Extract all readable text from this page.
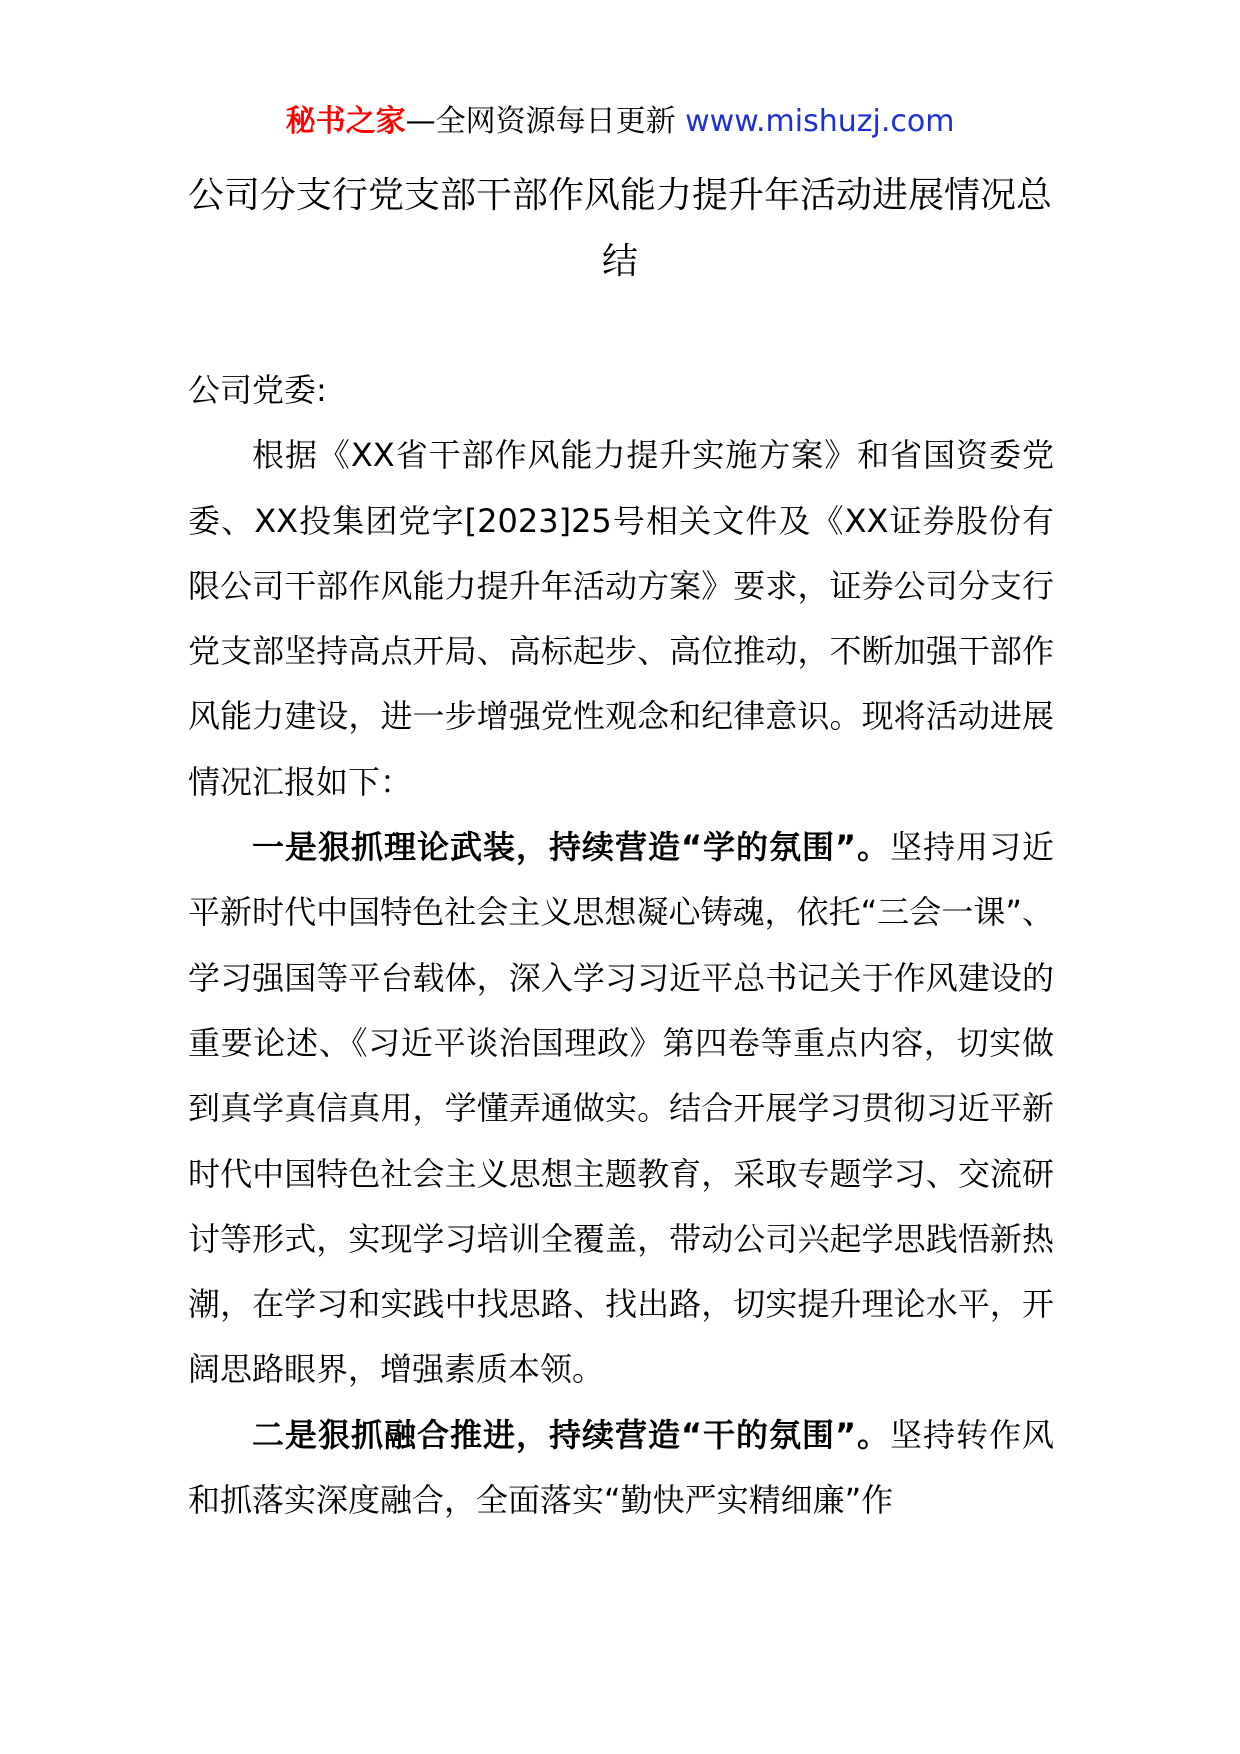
秘书之家—全网资源每日更新 www.mishuzj.com
公司分支行党支部干部作风能力提升年活动进展情况总结

公司党委:

根据《XX省干部作风能力提升实施方案》和省国资委党委、XX投集团党字[2023]25号相关文件及《XX证券股份有限公司干部作风能力提升年活动方案》要求，证券公司分支行党支部坚持高点开局、高标起步、高位推动，不断加强干部作风能力建设，进一步增强党性观念和纪律意识。现将活动进展情况汇报如下：

一是狠抓理论武装，持续营造“学的氛围”。坚持用习近平新时代中国特色社会主义思想凝心铸魂，依托“三会一课”、学习强国等平台载体，深入学习习近平总书记关于作风建设的重要论述、《习近平谈治国理政》第四卷等重点内容，切实做到真学真信真用，学懂弄通做实。结合开展学习贯彻习近平新时代中国特色社会主义思想主题教育，采取专题学习、交流研讨等形式，实现学习培训全覆盖，带动公司兴起学思践悟新热潮，在学习和实践中找思路、找出路，切实提升理论水平，开阔思路眼界，增强素质本领。

二是狠抓融合推进，持续营造“干的氛围”。坚持转作风和抓落实深度融合，全面落实“勤快严实精细廉”作
